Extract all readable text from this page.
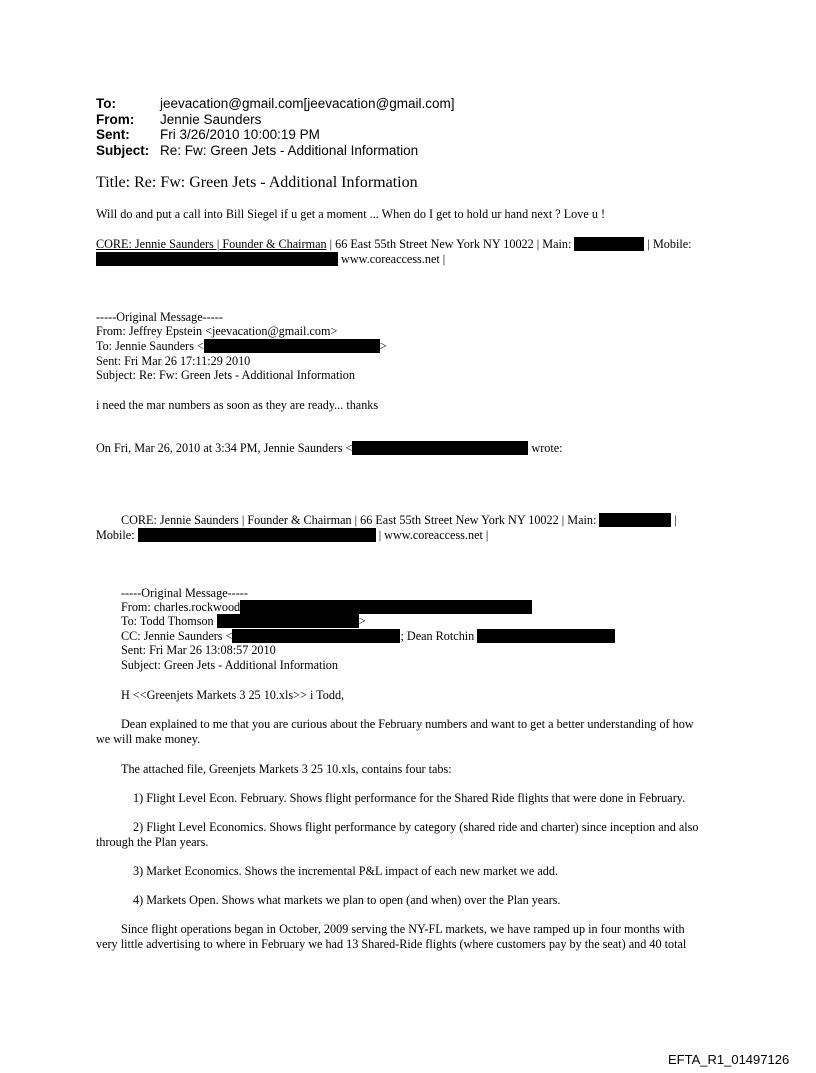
To:	jeevacation@gmail.com[jeevacation@gmail.com]
From:	Jennie Saunders
Sent:	Fri 3/26/2010 10:00:19 PM
Subject: Re: Fw: Green Jets - Additional Information
Title: Re: Fw: Green Jets - Additional Information
Will do and put a call into Bill Siegel if u get a moment ... When do I get to hold ur hand next ? Love u !
CORE: Jennie Saunders | Founder & Chairman | 66 East 55th Street New York NY 10022 | Main:	| Mobile:
www.coreaccess.net |
-----Original Message-----
From: Jeffrey Epstein <jeevacation@gmail.com>
To: Jennie Saunders <	>
Sent: Fri Mar 26 17:11:29 2010
Subject: Re: Fw: Green Jets - Additional Information
i need the mar numbers as soon as they are ready... thanks
On Fri, Mar 26, 2010 at 3:34 PM, Jennie Saunders <	wrote:
CORE: Jennie Saunders | Founder & Chairman | 66 East 55th Street New York NY 10022 | Main:	|
Mobile:	| www.coreaccess.net |
-----Original Message-----
From: charles.rockwood
To: Todd Thomson	>
CC: Jennie Saunders <	; Dean Rotchin
Sent: Fri Mar 26 13:08:57 2010
Subject: Green Jets - Additional Information
H <<Greenjets Markets 3 25 10.xls>> i Todd,
Dean explained to me that you are curious about the February numbers and want to get a better understanding of how
we will make money.
The attached file, Greenjets Markets 3 25 10.xls, contains four tabs:
1) Flight Level Econ. February. Shows flight performance for the Shared Ride flights that were done in February.
2) Flight Level Economics. Shows flight performance by category (shared ride and charter) since inception and also
through the Plan years.
3) Market Economics. Shows the incremental P&L impact of each new market we add.
4) Markets Open. Shows what markets we plan to open (and when) over the Plan years.
Since flight operations began in October, 2009 serving the NY-FL markets, we have ramped up in four months with
very little advertising to where in February we had 13 Shared-Ride flights (where customers pay by the seat) and 40 total
EFTA_R1_01497126
